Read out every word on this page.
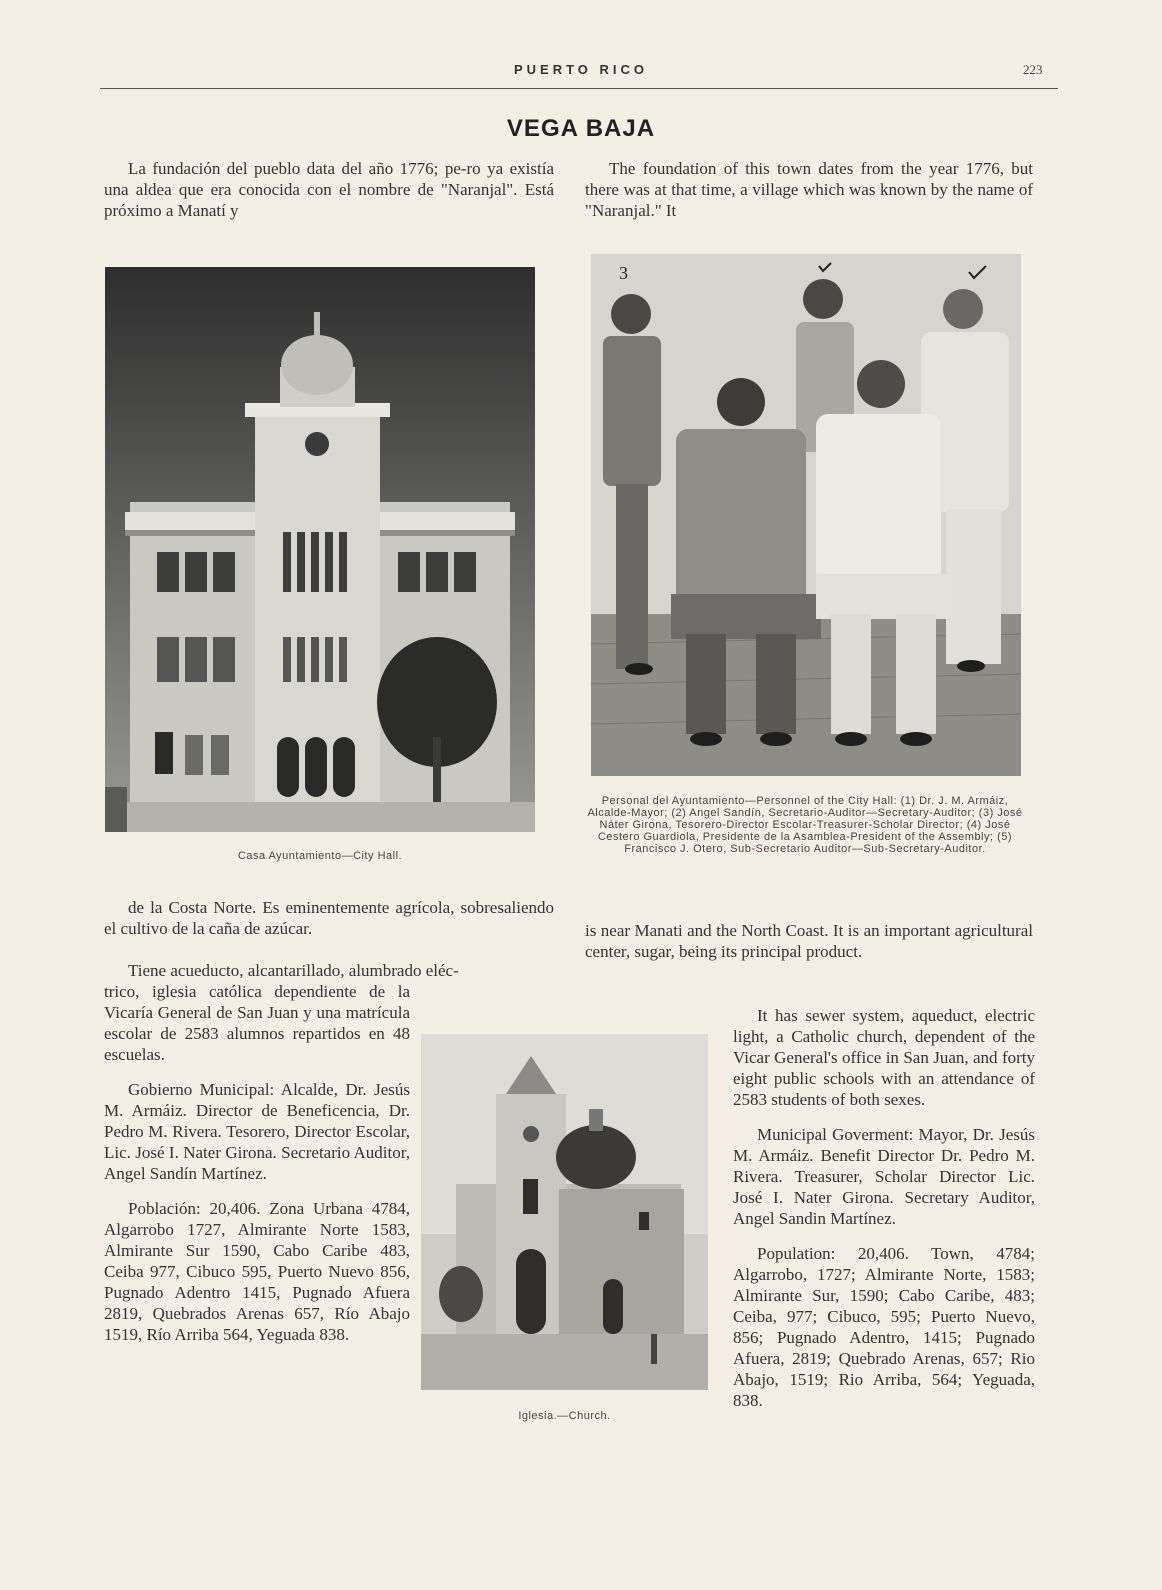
PUERTO RICO	223
VEGA BAJA

La fundación del pueblo data del año 1776; pe-ro ya existía una aldea que era conocida con el nombre de "Naranjal". Está próximo a Manatí y

The foundation of this town dates from the year 1776, but there was at that time, a village which was known by the name of "Naranjal." It

Casa Ayuntamiento—City Hall.
3
Personal del Ayuntamiento—Personnel of the City Hall: (1) Dr. J. M. Armáiz, Alcalde-Mayor; (2) Angel Sandín, Secretario-Auditor—Secretary-Auditor; (3) José Náter Girona, Tesorero-Director Escolar-Treasurer-Scholar Director; (4) José Cestero Guardiola, Presidente de la Asamblea-President of the Assembly; (5) Francisco J. Otero, Sub-Secretario Auditor—Sub-Secretary-Auditor.

de la Costa Norte. Es eminentemente agrícola, sobresaliendo el cultivo de la caña de azúcar.

Tiene acueducto, alcantarillado, alumbrado eléc-

trico, iglesia católica dependiente de la Vicaría General de San Juan y una matrícula escolar de 2583 alumnos repartidos en 48 escuelas.

Gobierno Municipal: Alcalde, Dr. Jesús M. Armáiz. Director de Beneficencia, Dr. Pedro M. Rivera. Tesorero, Director Escolar, Lic. José I. Nater Girona. Secretario Auditor, Angel Sandín Martínez.

Población: 20,406. Zona Urbana 4784, Algarrobo 1727, Almirante Norte 1583, Almirante Sur 1590, Cabo Caribe 483, Ceiba 977, Cibuco 595, Puerto Nuevo 856, Pugnado Adentro 1415, Pugnado Afuera 2819, Quebrados Arenas 657, Río Abajo 1519, Río Arriba 564, Yeguada 838.

Iglesia.—Church.

is near Manati and the North Coast. It is an important agricultural center, sugar, being its principal product.

It has sewer system, aqueduct, electric light, a Catholic church, dependent of the Vicar General's office in San Juan, and forty eight public schools with an attendance of 2583 students of both sexes.

Municipal Goverment: Mayor, Dr. Jesús M. Armáiz. Benefit Director Dr. Pedro M. Rivera. Treasurer, Scholar Director Lic. José I. Nater Girona. Secretary Auditor, Angel Sandin Martínez.

Population: 20,406. Town, 4784; Algarrobo, 1727; Almirante Norte, 1583; Almirante Sur, 1590; Cabo Caribe, 483; Ceiba, 977; Cibuco, 595; Puerto Nuevo, 856; Pugnado Adentro, 1415; Pugnado Afuera, 2819; Quebrado Arenas, 657; Rio Abajo, 1519; Rio Arriba, 564; Yeguada, 838.
